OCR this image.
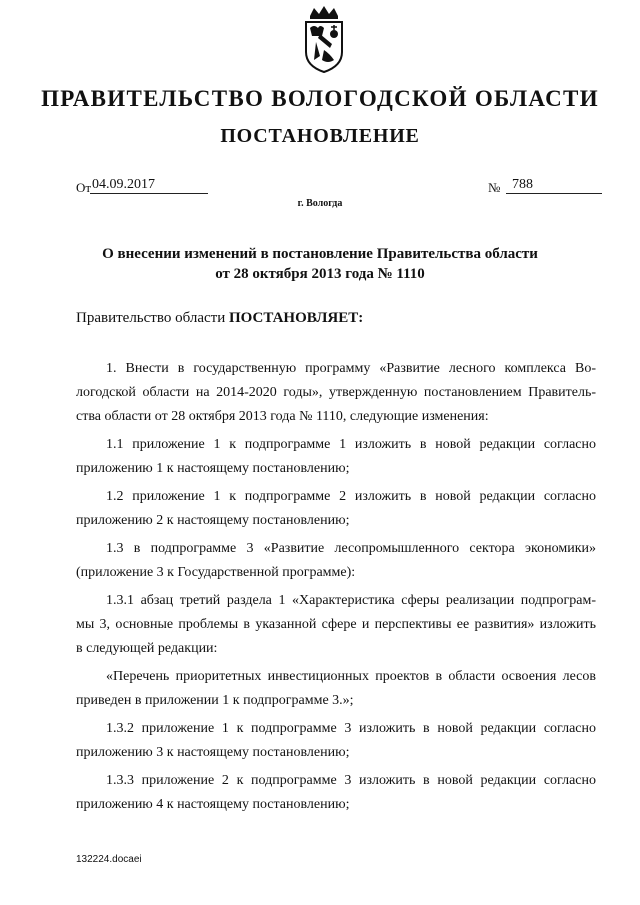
ПРАВИТЕЛЬСТВО ВОЛОГОДСКОЙ ОБЛАСТИ
ПОСТАНОВЛЕНИЕ
От 04.09.2017	№ 788
г. Вологда
О внесении изменений в постановление Правительства области
от 28 октября 2013 года № 1110
Правительство области ПОСТАНОВЛЯЕТ:
1. Внести в государственную программу «Развитие лесного комплекса Во-
логодской области на 2014-2020 годы», утвержденную постановлением Правитель-
ства области от 28 октября 2013 года № 1110, следующие изменения:
1.1 приложение 1 к подпрограмме 1 изложить в новой редакции согласно
приложению 1 к настоящему постановлению;
1.2 приложение 1 к подпрограмме 2 изложить в новой редакции согласно
приложению 2 к настоящему постановлению;
1.3 в подпрограмме 3 «Развитие лесопромышленного сектора экономики»
(приложение 3 к Государственной программе):
1.3.1 абзац третий раздела 1 «Характеристика сферы реализации подпрограм-
мы 3, основные проблемы в указанной сфере и перспективы ее развития» изложить
в следующей редакции:
«Перечень приоритетных инвестиционных проектов в области освоения лесов
приведен в приложении 1 к подпрограмме 3.»;
1.3.2 приложение 1 к подпрограмме 3 изложить в новой редакции согласно
приложению 3 к настоящему постановлению;
1.3.3 приложение 2 к подпрограмме 3 изложить в новой редакции согласно
приложению 4 к настоящему постановлению;
132224.docaei
